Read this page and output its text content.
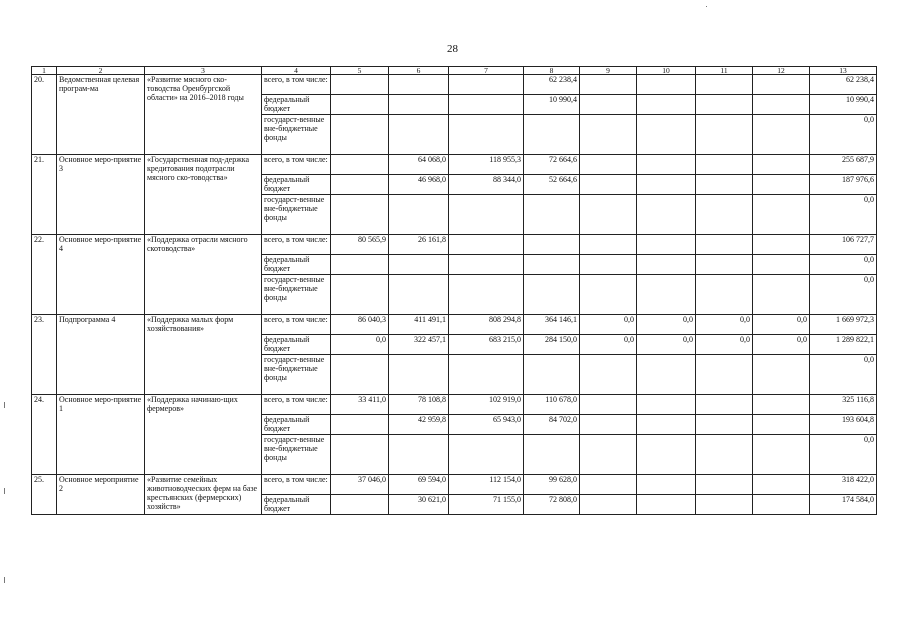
28
1	2	3	4	5	6	7	8	9	10	11	12	13
20.	Ведомственная целевая програм-ма	«Развитие мясного ско-товодства Оренбургской области» на 2016–2018 годы	всего, в том числе:				62 238,4					62 238,4
			федеральный бюджет				10 990,4					10 990,4
			государст-венные вне-бюджетные фонды									0,0
21.	Основное меро-приятие 3	«Государственная под-держка кредитования подотрасли мясного ско-товодства»	всего, в том числе:		64 068,0	118 955,3	72 664,6					255 687,9
			федеральный бюджет		46 968,0	88 344,0	52 664,6					187 976,6
			государст-венные вне-бюджетные фонды									0,0
22.	Основное меро-приятие 4	«Поддержка отрасли мясного скотоводства»	всего, в том числе:	80 565,9	26 161,8							106 727,7
			федеральный бюджет									0,0
			государст-венные вне-бюджетные фонды									0,0
23.	Подпрограмма 4	«Поддержка малых форм хозяйствования»	всего, в том числе:	86 040,3	411 491,1	808 294,8	364 146,1	0,0	0,0	0,0	0,0	1 669 972,3
			федеральный бюджет	0,0	322 457,1	683 215,0	284 150,0	0,0	0,0	0,0	0,0	1 289 822,1
			государст-венные вне-бюджетные фонды									0,0
24.	Основное меро-приятие 1	«Поддержка начинаю-щих фермеров»	всего, в том числе:	33 411,0	78 108,8	102 919,0	110 678,0					325 116,8
			федеральный бюджет		42 959,8	65 943,0	84 702,0					193 604,8
			государст-венные вне-бюджетные фонды									0,0
25.	Основное мероприятие 2	«Развитие семейных животноводческих ферм на базе крестьянских (фермерских) хозяйств»	всего, в том числе:	37 046,0	69 594,0	112 154,0	99 628,0					318 422,0
			федеральный бюджет		30 621,0	71 155,0	72 808,0					174 584,0
